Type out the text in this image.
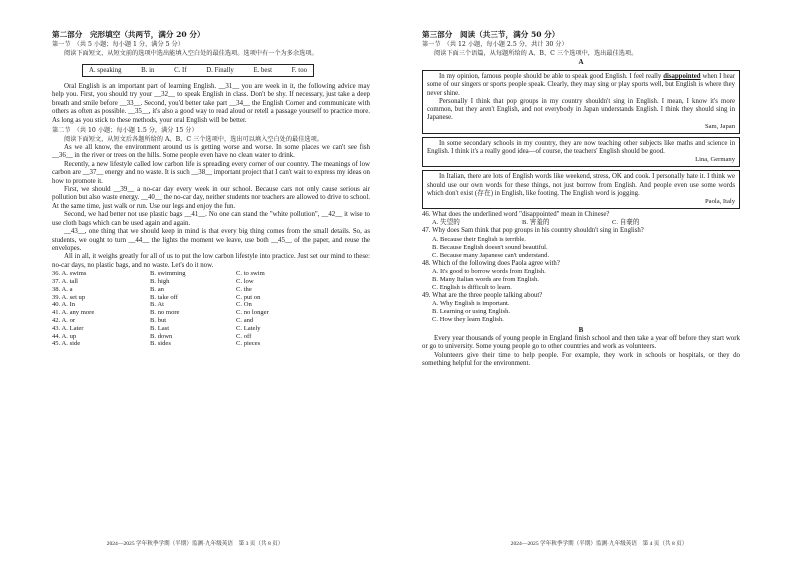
第二部分　完形填空（共两节，满分 20 分）
第一节　（共 5 小题；每小题 1 分，满分 5 分）
阅读下面短文，从短文前的选项中选出能填入空白处的最佳选项。选项中有一个为多余选项。
A. speaking	B. in	C. If	D. Finally	E. best	F. too

Oral English is an important part of learning English. __31__ you are week in it, the following advice may help you. First, you should try your __32__ to speak English in class. Don't be shy. If necessary, just take a deep breath and smile before __33__. Second, you'd better take part __34__ the English Corner and communicate with others as often as possible. __35__, it's also a good way to read aloud or retell a passage yourself to practice more. As long as you stick to these methods, your oral English will be better.

第二节　（共 10 小题；每小题 1.5 分，满分 15 分）
阅读下面短文，从短文后各题所给的 A、B、C 三个选项中，选出可以填入空白处的最佳选项。

As we all know, the environment around us is getting worse and worse. In some places we can't see fish __36__ in the river or trees on the hills. Some people even have no clean water to drink.

Recently, a new lifestyle called low carbon life is spreading every corner of our country. The meanings of low carbon are __37__ energy and no waste. It is such __38__ important project that I can't wait to express my ideas on how to promote it.

First, we should __39__ a no-car day every week in our school. Because cars not only cause serious air pollution but also waste energy. __40__ the no-car day, neither students nor teachers are allowed to drive to school. At the same time, just walk or run. Use our legs and enjoy the fun.

Second, we had better not use plastic bags __41__. No one can stand the "white pollution", __42__ it wise to use cloth bags which can be used again and again.

__43__, one thing that we should keep in mind is that every big thing comes from the small details. So, as students, we ought to turn __44__ the lights the moment we leave, use both __45__ of the paper, and reuse the envelopes.

All in all, it weighs greatly for all of us to put the low carbon lifestyle into practice. Just set our mind to these: no-car days, no plastic bags, and no waste. Let's do it now.

36. A. swims	B. swimming	C. to swim
37. A. tall	B. high	C. low
38. A. a	B. an	C. the
39. A. set up	B. take off	C. put on
40. A. In	B. At	C. On
41. A. any more	B. no more	C. no longer
42. A. or	B. but	C. and
43. A. Later	B. Last	C. Lately
44. A. up	B. down	C. off
45. A. side	B. sides	C. pieces
2024—2025 学年秋季学期（半期）监测·九年级英语　第 3 页（共 8 页）
第三部分　阅读（共三节，满分 50 分）
第一节　（共 12 小题，每小题 2.5 分，共计 30 分）
阅读下面三个语篇，从每题所给的 A、B、C 三个选项中，选出最佳选项。
A

In my opinion, famous people should be able to speak good English. I feel really disappointed when I hear some of our singers or sports people speak. Clearly, they may sing or play sports well, but English is where they never shine.

Personally I think that pop groups in my country shouldn't sing in English. I mean, I know it's more common, but they aren't English, and not everybody in Japan understands English. I think they should sing in Japanese.

Sam, Japan

In some secondary schools in my country, they are now teaching other subjects like maths and science in English. I think it's a really good idea—of course, the teachers' English should be good.

Lina, Germany

In Italian, there are lots of English words like weekend, stress, OK and cook. I personally hate it. I think we should use our own words for these things, not just borrow from English. And people even use some words which don't exist (存在) in English, like footing. The English word is jogging.

Paola, Italy
46. What does the underlined word "disappointed" mean in Chinese?
A. 失望的	B. 害羞的	C. 自豪的
47. Why does Sam think that pop groups in his country shouldn't sing in English?
A. Because their English is terrible.
B. Because English doesn't sound beautiful.
C. Because many Japanese can't understand.
48. Which of the following does Paola agree with?
A. It's good to borrow words from English.
B. Many Italian words are from English.
C. English is difficult to learn.
49. What are the three people talking about?
A. Why English is important.
B. Learning or using English.
C. How they learn English.
B

Every year thousands of young people in England finish school and then take a year off before they start work or go to university. Some young people go to other countries and work as volunteers.

Volunteers give their time to help people. For example, they work in schools or hospitals, or they do something helpful for the environment.

2024—2025 学年秋季学期（半期）监测·九年级英语　第 4 页（共 8 页）
